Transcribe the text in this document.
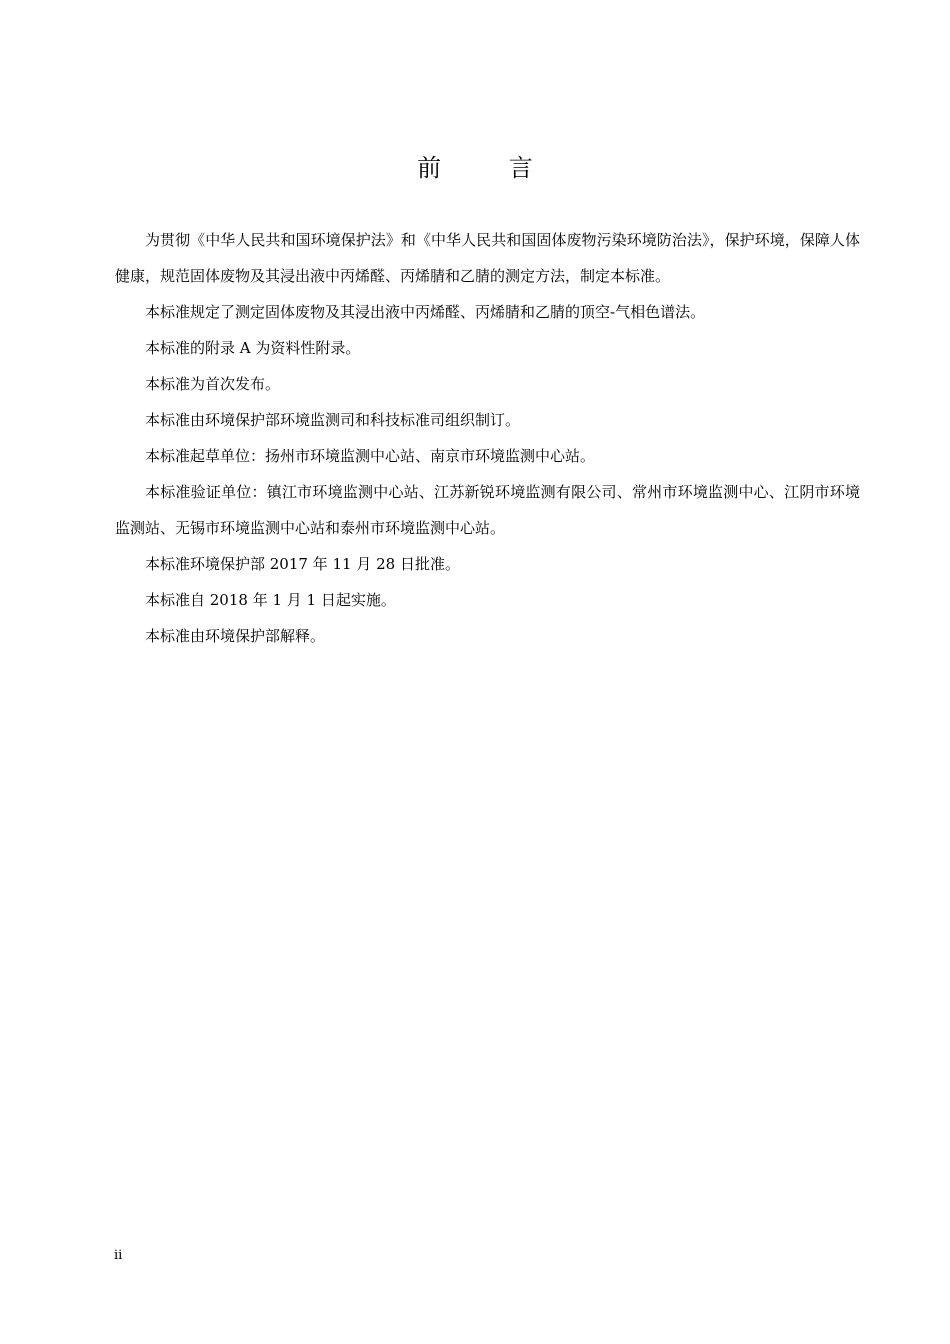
前 言

为贯彻《中华人民共和国环境保护法》和《中华人民共和国固体废物污染环境防治法》，保护环境，保障人体健康，规范固体废物及其浸出液中丙烯醛、丙烯腈和乙腈的测定方法，制定本标准。

本标准规定了测定固体废物及其浸出液中丙烯醛、丙烯腈和乙腈的顶空-气相色谱法。

本标准的附录 A 为资料性附录。

本标准为首次发布。

本标准由环境保护部环境监测司和科技标准司组织制订。

本标准起草单位：扬州市环境监测中心站、南京市环境监测中心站。

本标准验证单位：镇江市环境监测中心站、江苏新锐环境监测有限公司、常州市环境监测中心、江阴市环境监测站、无锡市环境监测中心站和泰州市环境监测中心站。

本标准环境保护部 2017 年 11 月 28 日批准。

本标准自 2018 年 1 月 1 日起实施。

本标准由环境保护部解释。

ii
